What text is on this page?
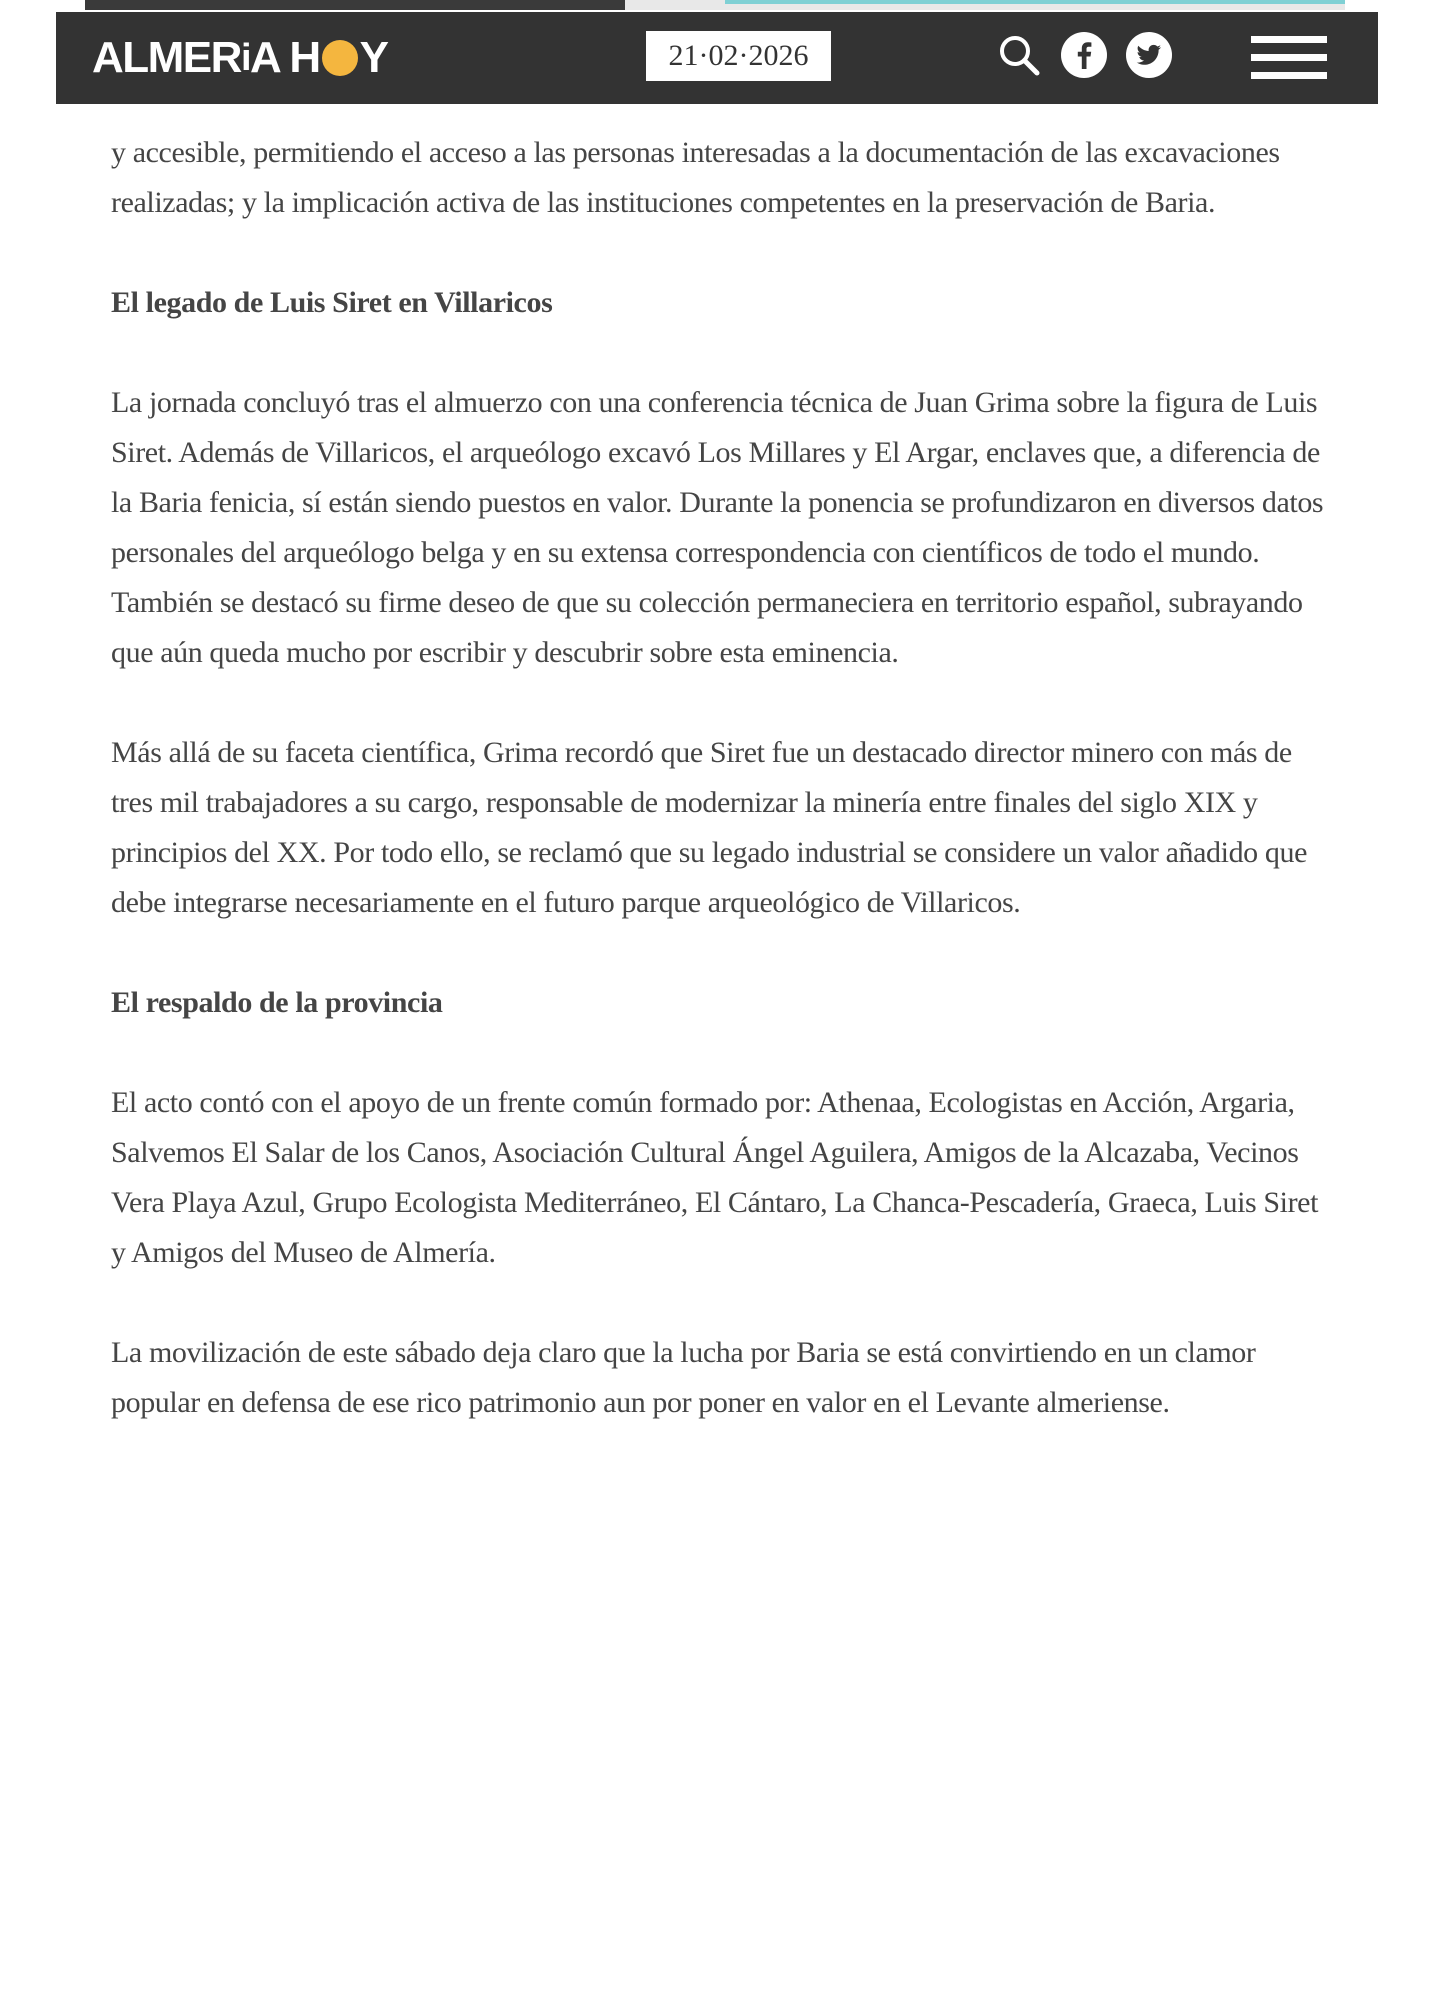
ALMER i A H Y	21·02·2026

y accesible, permitiendo el acceso a las personas interesadas a la documentación de las excavaciones realizadas; y la implicación activa de las instituciones competentes en la preservación de Baria.

El legado de Luis Siret en Villaricos

La jornada concluyó tras el almuerzo con una conferencia técnica de Juan Grima sobre la figura de Luis Siret. Además de Villaricos, el arqueólogo excavó Los Millares y El Argar, enclaves que, a diferencia de la Baria fenicia, sí están siendo puestos en valor. Durante la ponencia se profundizaron en diversos datos personales del arqueólogo belga y en su extensa correspondencia con científicos de todo el mundo. También se destacó su firme deseo de que su colección permaneciera en territorio español, subrayando que aún queda mucho por escribir y descubrir sobre esta eminencia.

Más allá de su faceta científica, Grima recordó que Siret fue un destacado director minero con más de tres mil trabajadores a su cargo, responsable de modernizar la minería entre finales del siglo XIX y principios del XX. Por todo ello, se reclamó que su legado industrial se considere un valor añadido que debe integrarse necesariamente en el futuro parque arqueológico de Villaricos.

El respaldo de la provincia

El acto contó con el apoyo de un frente común formado por: Athenaa, Ecologistas en Acción, Argaria, Salvemos El Salar de los Canos, Asociación Cultural Ángel Aguilera, Amigos de la Alcazaba, Vecinos Vera Playa Azul, Grupo Ecologista Mediterráneo, El Cántaro, La Chanca-Pescadería, Graeca, Luis Siret y Amigos del Museo de Almería.

La movilización de este sábado deja claro que la lucha por Baria se está convirtiendo en un clamor popular en defensa de ese rico patrimonio aun por poner en valor en el Levante almeriense.
